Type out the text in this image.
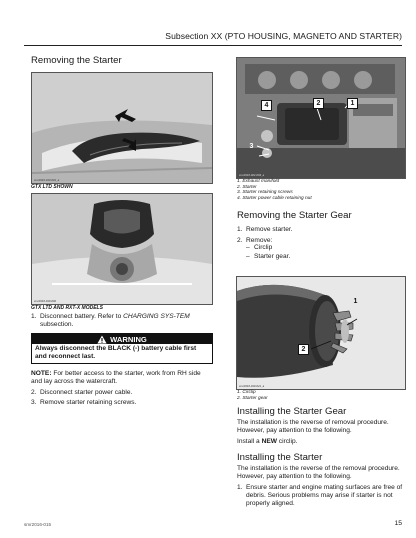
Subsection XX (PTO HOUSING, MAGNETO AND STARTER)
Removing the Starter
smr2016-010-001_a
GTX LTD SHOWN
smr2016-010-002
GTX LTD AND RXT-X MODELS
1. Disconnect battery. Refer to CHARGING SYS-TEM subsection.
WARNING
Always disconnect the BLACK (-) battery cable first and reconnect last.
NOTE: For better access to the starter, work from RH side and lay across the watercraft.
2. Disconnect starter power cable.
3. Remove starter retaining screws.
1
2
3
4
smr2016-022-003_a
1. Exhaust manifold
2. Starter
3. Starter retaining screws
4. Starter power cable retaining nut
Removing the Starter Gear
1. Remove starter.
2. Remove:
– Circlip
– Starter gear.
1
2
smr2016-010-021_a
1. Circlip
2. Starter gear
Installing the Starter Gear
The installation is the reverse of removal procedure. However, pay attention to the following.
Install a NEW circlip.
Installing the Starter
The installation is the reverse of the removal procedure. However, pay attention to the following.
1. Ensure starter and engine mating surfaces are free of debris. Serious problems may arise if starter is not properly aligned.
smr2016-015	15
